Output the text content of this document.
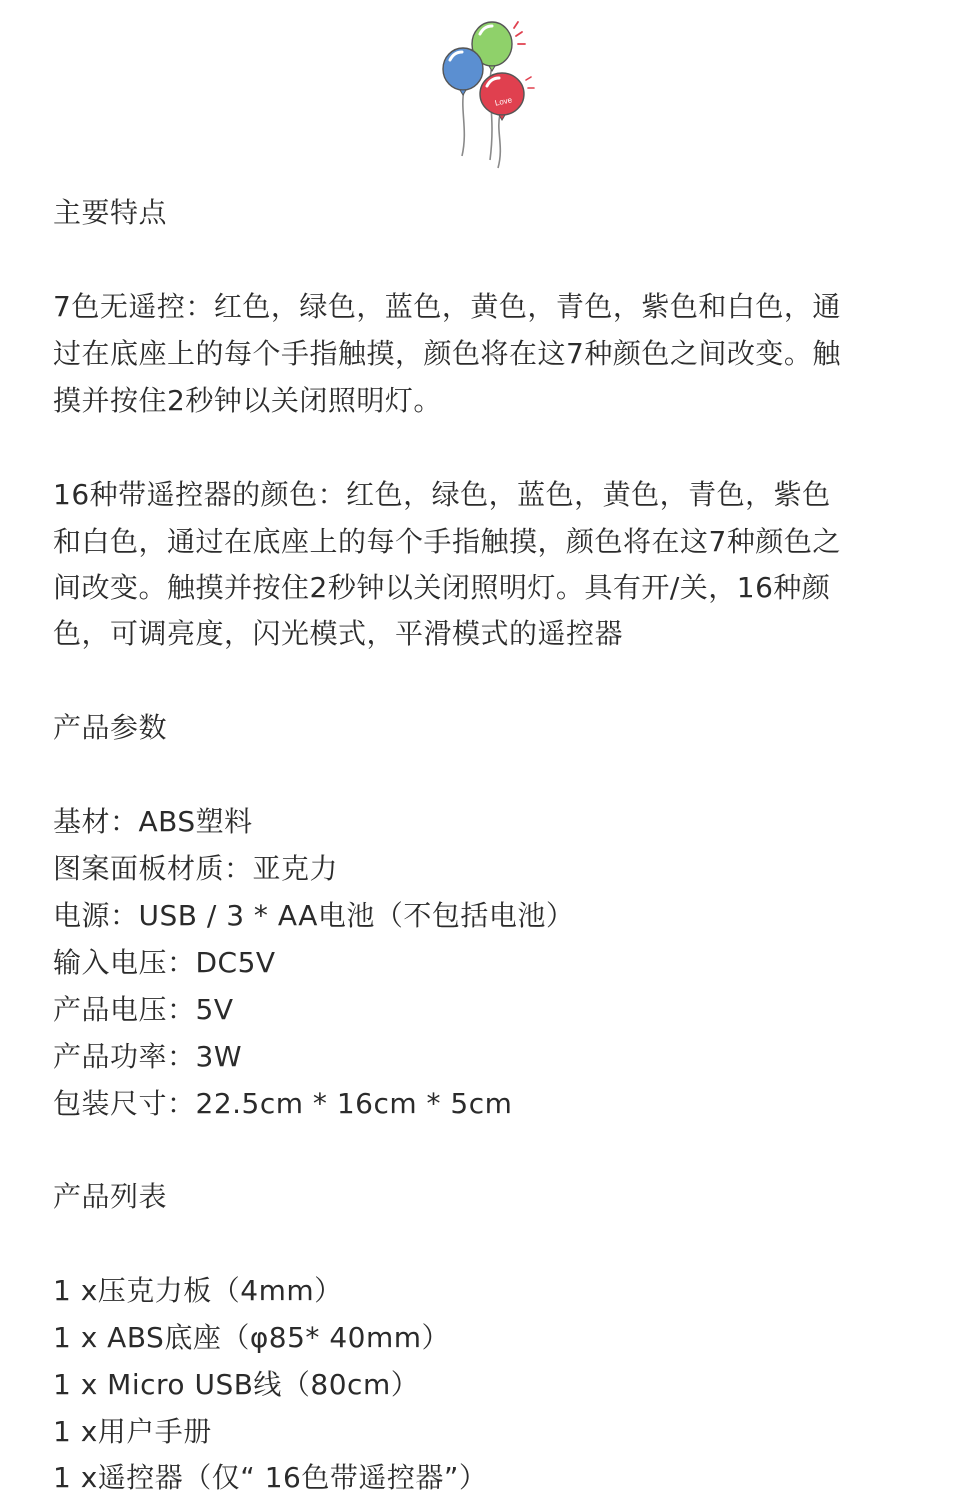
Love

主要特点

7色无遥控：红色，绿色，蓝色，黄色，青色，紫色和白色，通

过在底座上的每个手指触摸，颜色将在这7种颜色之间改变。触

摸并按住2秒钟以关闭照明灯。

16种带遥控器的颜色：红色，绿色，蓝色，黄色，青色，紫色

和白色，通过在底座上的每个手指触摸，颜色将在这7种颜色之

间改变。触摸并按住2秒钟以关闭照明灯。具有开/关，16种颜

色，可调亮度，闪光模式，平滑模式的遥控器

产品参数

基材：ABS塑料

图案面板材质：亚克力

电源：USB / 3 * AA电池（不包括电池）

输入电压：DC5V

产品电压：5V

产品功率：3W

包装尺寸：22.5cm * 16cm * 5cm

产品列表

1 x压克力板（4mm）

1 x ABS底座（φ85* 40mm）

1 x Micro USB线（80cm）

1 x用户手册

1 x遥控器（仅“ 16色带遥控器”）
